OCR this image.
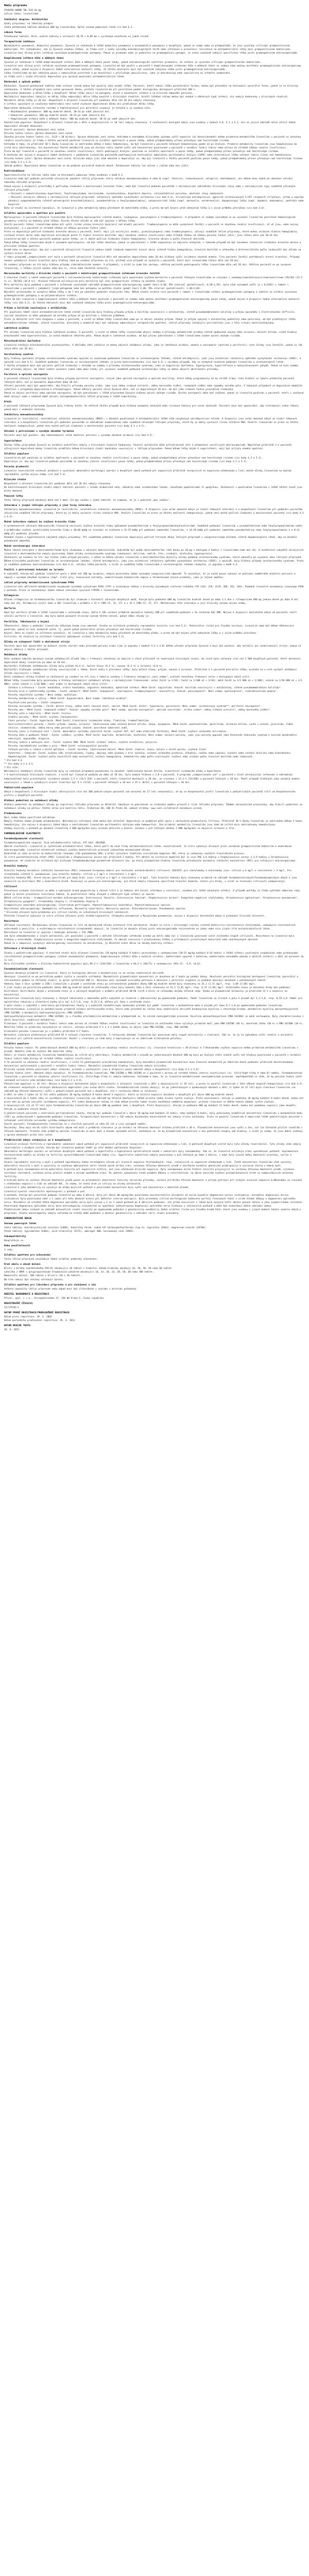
Medis přípravku

ZYVOXID 600MG TBL FLM 10 mg

Léčivá látka: linezolidum

Indikační skupina: Antibiotika

Výdej přípravku: na lékařský předpis

Jedna potahovaná tableta obsahuje 600 mg linezolidum. Úplný seznam pomocných látek viz bod 6.1.

Léková forma

Potahovaná tableta. Bílé, oválné tablety o velikosti 18,78 x 8,89 mm s vyraženým označením na jedné straně.

Terapeutické indikace

Nozokomiální pneumonie. Komunitní pneumonie. Zyvoxid je indikován k léčbě komunitní pneumonie a nozokomiální pneumonie u dospělých, pokud je známo nebo se předpokládá, že jsou vyvolány citlivými grampozitivními bakteriemi. Při rozhodování, zda je Zyvoxid vhodnou léčbou, je třeba vzít v úvahu výsledky mikrobiologických testů nebo informace o prevalenci rezistence na antibakteriální látky mezi grampozitivními bakteriemi.

Linezolid není účinný proti infekcím vyvolaným gramnegativními patogeny. Pokud je prokázán nebo je podezření na gramnegativní patogen, je nutno současně zahájit specifickou léčbu proti gramnegativním mikroorganismům.

Komplikované infekce kůže a měkkých tkání

Zyvoxid je indikován k léčbě komplikovaných infekcí kůže a měkkých tkání pouze tehdy, pokud mikrobiologické vyšetření prokázalo, že infekce je vyvolána citlivými grampozitivními bakteriemi.

Linezolid není účinný proti infekcím vyvolaným gramnegativními patogeny. Linezolid má být použit u pacientů s komplikovanými infekcemi kůže a měkkých tkání se známou nebo možnou koinfekcí gramnegativními mikroorganismy pouze tehdy, pokud nejsou k dispozici žádné alternativní možnosti léčby. Za těchto okolností musí být současně zahájena léčba proti gramnegativním mikroorganismům.

Léčba linezolidem má být zahájena pouze v nemocničním prostředí a po konzultaci s příslušným specialistou, jako je mikrobiolog nebo specialista na infekční onemocnění.

Je třeba vzít v úvahu oficiální doporučení pro správné používání antibakteriálních látek.

Dávkování a způsob podání

Dávkování. Zyvoxid potahované tablety nebo infuzní roztok mohou být použity jako úvodní léčba. Pacienti, kteří zahájí léčbu parenterální formou, mohou být převedeni na kteroukoli perorální formu, pokud je to klinicky indikováno. V těchto případech není nutné upravovat dávku, protože linezolid má při perorálním podání biologickou dostupnost přibližně 100 %.

Doporučené dávkování a délka léčby u dospělých: Délka léčby závisí na patogenu, místě a závažnosti infekce a na klinické odpovědi pacienta.

Následující doporučení týkající se délky léčby odpovídají délce léčby použité v klinických studiích. Kratší léčebné režimy mohou být vhodné u některých typů infekcí, ale nebyly hodnoceny v klinických studiích.

Maximální délka léčby je 28 dní. Bezpečnost a účinnost linezolidu při podávání déle než 28 dní nebyly stanoveny.

U infekcí spojených se současnou bakteriemií není nutné zvyšovat doporučenou dávku ani prodlužovat délku léčby.

Doporučené dávkování infuzního roztoku a tablet/granulí pro perorální suspenzi je totožné a je uvedeno níže:

• Nozokomiální pneumonie: 600 mg dvakrát denně, 10–14 po sobě jdoucích dní.

• Komunitní pneumonie: 600 mg dvakrát denně, 10–14 po sobě jdoucích dní.

• Komplikované infekce kůže a měkkých tkání: 600 mg dvakrát denně, 10–14 po sobě jdoucích dní.

Pediatrická populace: Bezpečnost a účinnost linezolidu u dětí a dospívajících (< 18 let) nebyly stanoveny. V současnosti dostupné údaje jsou uvedeny v bodech 4.8, 5.1 a 5.2, ale na jejich základě nelze učinit žádná doporučení ohledně dávkování.

Starší pacienti: Úprava dávkování není nutná.

Porucha funkce ledvin: Úprava dávkování není nutná.

Závažná porucha funkce ledvin (tj. CLCR < 30 ml/min): Úprava dávkování není nutná. Vzhledem k neznámému klinickému významu vyšší expozice (až desetinásobné) dvěma primárním metabolitům linezolidu u pacientů se závažnou renální insuficiencí je třeba u těchto pacientů používat linezolid se zvláštní opatrností a pouze tehdy, pokud předpokládaný přínos převažuje nad teoretickým rizikem.

Vzhledem k tomu, že přibližně 30 % dávky linezolidu je odstraněno během 3 hodin hemodialýzy, má být linezolid u pacientů léčených hemodialýzou podán až po dialýze. Primární metabolity linezolidu jsou hemodialýzou do jisté míry odstraňovány, ale koncentrace těchto metabolitů jsou po dialýze stále značně vyšší než koncentrace pozorované u pacientů s normální funkcí ledvin nebo mírnou až středně těžkou renální insuficiencí.

Proto má být linezolid u pacientů se závažnou renální insuficiencí, kteří podstupují dialýzu, používán se zvláštní opatrností a pouze tehdy, pokud předpokládaný přínos převažuje nad teoretickým rizikem.

K dnešnímu dni nejsou k dispozici žádné zkušenosti s podáváním linezolidu pacientům podstupujícím kontinuální ambulantní peritoneální dialýzu (CAPD) nebo alternativní léčbu selhání ledvin (jinou než hemodialýzu).

Porucha funkce jater: Úprava dávkování není nutná. Klinické údaje jsou však omezené a doporučuje se, aby byl linezolid u těchto pacientů používán pouze tehdy, pokud předpokládaný přínos převažuje nad teoretickým rizikem (viz body 4.4 a 5.2).

Způsob podání: Doporučená dávka linezolidu se má podávat perorálně dvakrát denně. Potahované tablety lze užívat s jídlem nebo bez jídla.

Kontraindikace

Hypersenzitivita na léčivou látku nebo na kteroukoli pomocnou látku uvedenou v bodě 6.1.

Linezolid nemá být podáván pacientům užívajícím jakýkoli léčivý přípravek, který inhibuje monoaminooxidázu A nebo B (např. fenelzin, isokarboxazid, selegilin, moklobemid), ani během dvou týdnů po ukončení užívání takového léčivého přípravku.

Pokud nejsou k dispozici prostředky k pečlivému sledování a monitorování krevního tlaku, nemá být linezolid podáván pacientům s následujícími základními klinickými stavy nebo s následujícími typy souběžně užívaných léčivých přípravků:

• Pacienti s nekontrolovanou hypertenzí, feochromocytomem, karcinoidem, tyreotoxikózou, bipolární depresí, schizoafektivní poruchou, akutními stavy zmatenosti.

• Pacienti užívající některý z následujících léčivých přípravků: inhibitory zpětného vychytávání serotoninu (viz bod 4.4), tricyklická antidepresiva, agonisté serotoninových 5-HT1 receptorů (triptany), přímo a nepřímo působící sympatomimetika (včetně adrenergních bronchodilatancií, pseudoefedrinu a fenylpropanolaminu), vazopresorické látky (např. adrenalin, noradrenalin), dopaminergní látky (např. dopamin, dobutamin), pethidin nebo buspiron.

Data ze studií na zvířatech naznačují, že linezolid a jeho metabolity mohou přecházet do mateřského mléka, a proto má být kojení před zahájením léčby a v jejím průběhu přerušeno (viz bod 4.6).

Zvláštní upozornění a opatření pro použití

Myelosuprese: U pacientů léčených linezolidem byla hlášena myelosuprese (včetně anemie, leukopenie, pancytopenie a trombocytopenie). V případech se známým výsledkem se po vysazení linezolidu postižené hematologické parametry vrátily na hodnoty před léčbou. Riziko těchto účinků se zdá být spojeno s délkou léčby.

Starší pacienti léčení linezolidem mohou mít vyšší riziko vzniku krevních dyskrazií než mladší pacienti. Trombocytopenie se může vyskytovat častěji u pacientů se závažnou renální insuficiencí, ať už jsou, nebo nejsou dialyzováni, a u pacientů se středně těžkou až těžkou poruchou funkce jater.

Proto se doporučuje pečlivé sledování krevního obrazu u pacientů, kteří: mají již existující anemii, granulocytopenii nebo trombocytopenii; užívají souběžně léčivé přípravky, které mohou snižovat hladinu hemoglobinu, snižovat krevní obraz nebo nepříznivě ovlivňovat počet či funkci krevních destiček; mají závažnou renální insuficienci nebo středně těžkou až těžkou poruchu funkce jater; jsou léčeni déle než 10–14 dní.

Linezolid má být u těchto pacientů podáván pouze tehdy, je-li možné pečlivé sledování hladin hemoglobinu, krevního obrazu a počtu krevních destiček.

Pokud během léčby linezolidem dojde k významné myelosupresi, má být léčba ukončena, pokud se pokračování v léčbě nepovažuje za naprosto nezbytné; v takovém případě má být zavedeno intenzivní sledování krevního obrazu a příslušná léčebná opatření.

Kromě toho se doporučuje, aby byl u pacientů užívajících linezolid jednou týdně sledován kompletní krevní obraz (včetně hladin hemoglobinu, krevních destiček a celkového a diferenciálního počtu leukocytů) bez ohledu na výchozí krevní obraz.

V rámci programů „compassionate use“ byla u pacientů užívajících linezolid déle než maximální doporučenou dobu 28 dní hlášena vyšší incidence závažné anemie. Tito pacienti častěji potřebovali krevní transfuzi. Případy anemie vyžadující krevní transfuzi byly hlášeny také po uvedení přípravku na trh, přičemž více případů se vyskytlo u pacientů, kteří byli linezolidem léčeni déle než 28 dní.

Po uvedení přípravku na trh byly hlášeny případy sideroblastické anemie. V případech, u nichž je znám čas nástupu, většina pacientů podstupovala léčbu linezolidem déle než 28 dní. Většina pacientů se po vysazení linezolidu, s léčbou jejich anemie nebo bez ní, zcela nebo částečně zotavila.

Nerovnováha mortality v klinické studii u pacientů s katetrovými grampozitivními infekcemi krevního řečiště

V otevřené studii u vážně nemocných pacientů s intravaskulárními katetrovými infekcemi byla pozorována zvýšená mortalita u pacientů léčených linezolidem ve srovnání s vankomycinem/dikloxacilinem/oxacilinem [78/363 (21,5 %) vs. 58/363 (16,0 %)]. Hlavním faktorem ovlivňujícím míru mortality byl stav grampozitivní infekce na počátku studie.

Míra mortality byla podobná u pacientů s infekcemi vyvolanými výhradně grampozitivními mikroorganismy (poměr šancí 0,96; 95% interval spolehlivosti: 0,58–1,59), byla však významně vyšší (p = 0,0162) v rameni s linezolidem u pacientů s jakýmkoli jiným patogenem nebo bez patogenu na počátku studie (poměr šancí 2,48; 95% interval spolehlivosti: 1,38–4,46).

Největší nerovnováha se vyskytla během léčby a do 7 dní po ukončení podávání studijního léku. Během studie získalo více pacientů v rameni s linezolidem infekci gramnegativními patogeny a zemřelo na infekci vyvolanou gramnegativními patogeny a na polymikrobiální infekce.

Proto má být linezolid u komplikovaných infekcí kůže a měkkých tkání používán u pacientů se známou nebo možnou koinfekcí gramnegativními mikroorganismy pouze tehdy, pokud nejsou k dispozici žádné alternativní možnosti léčby (viz bod 4.1). Za těchto okolností musí být současně zahájena léčba proti gramnegativním mikroorganismům.

Průjem a kolitida související s antibiotiky

Při používání téměř všech antibakteriálních látek včetně linezolidu byly hlášeny případy průjmu a kolitidy související s antibiotiky, včetně pseudomembranózní kolitidy a průjmu spojeného s Clostridioides difficile, jejichž závažnost se může pohybovat od mírného průjmu až po kolitidu s fatálním průběhem.

Proto je důležité vzít tuto diagnózu v úvahu u pacientů, u nichž se během léčby linezolidem nebo po ní objeví závažný průjem. Pokud je průjem spojený s antibiotiky podezřelý nebo potvrzený, má být probíhající léčba antibakteriálními látkami, včetně linezolidu, přerušena a okamžitě mají být zahájena odpovídající terapeutická opatření. Léčivé přípravky inhibující peristaltiku jsou v této situaci kontraindikovány.

Laktátová acidóza

Při užívání linezolidu byla hlášena laktátová acidóza. U pacientů, u nichž se během léčby linezolidem objeví známky a příznaky metabolické acidózy včetně opakované nauzey nebo zvracení, bolesti břicha, nízké hladiny bikarbonátů nebo hyperventilace, je nutná okamžitá lékařská péče. Pokud dojde k laktátové acidóze, má být přínos pokračování v léčbě linezolidem zvážen oproti možným rizikům.

Mitochondriální dysfunkce

Linezolid inhibuje mitochondriální proteosyntézu. V důsledku této inhibice se mohou objevit nežádoucí účinky, jako je laktátová acidóza, anemie a neuropatie (optická a periferní); tyto účinky jsou častější, pokud se lék užívá déle než 28 dní.

Serotoninový syndrom

Byly hlášeny spontánní případy serotoninového syndromu spojené se současným podáváním linezolidu se serotonergními látkami, včetně antidepresiv, jako jsou selektivní inhibitory zpětného vychytávání serotoninu (SSRI), a opioidů (viz bod 4.5). Souběžné podávání linezolidu se serotonergními látkami je proto kontraindikováno (viz bod 4.3) s výjimkou případů, kdy je nezbytné současné podávání linezolidu a serotonergních látek.

V těchto případech mají být pacienti pečlivě sledováni s ohledem na známky a příznaky serotoninového syndromu, jako je kognitivní dysfunkce, hyperpyrexie, hyperreflexie a nekoordinovanost pohybů. Pokud se tyto známky nebo příznaky objeví, má lékař zvážit vysazení jedné nebo obou látek; při vysazení souběžně podávané serotonergní látky se mohou objevit abstinenční příznaky.

Periferní a optická neuropatie

U pacientů léčených linezolidem byly hlášeny případy periferní neuropatie, stejně jako optické neuropatie a optické neuritidy, které někdy progredovaly až ke ztrátě zraku; tato hlášení se týkala především pacientů léčených déle, než je maximální doporučená doba 28 dní.

Všichni pacienti mají být upozorněni, aby hlásili příznaky poruchy zraku, jako jsou změny zrakové ostrosti, změny barevného vidění, rozmazané vidění nebo výpadky zorného pole. V takových případech se doporučuje okamžité vyšetření s případným doporučením k oftalmologovi. Pokud některý pacient užívá Zyvoxid déle, než je doporučených 28 dní, má být jeho zraková funkce pravidelně sledována.

Pokud se objeví periferní nebo optická neuropatie, má být pokračování v léčbě přípravkem Zyvoxid zváženo oproti možným rizikům. Riziko neuropatií může být zvýšené, pokud je linezolid používán u pacientů, kteří v současné době užívají nebo v nedávné době užívali antimykobakteriální léčivé přípravky k léčbě tuberkulózy.

Křeče

U pacientů léčených přípravkem Zyvoxid byly hlášeny křeče. Ve většině těchto případů byla hlášena anamnéza záchvatů nebo rizikové faktory pro vznik záchvatů. Pacienti mají být upozorněni, aby informovali svého lékaře, pokud mají v anamnéze záchvaty.

Inhibitory monoaminooxidázy

Linezolid je reverzibilní, neselektivní inhibitor monoaminooxidázy (MAOI); v dávkách používaných k antibakteriální léčbě však nevykazuje antidepresivní účinek. K dispozici jsou velmi omezené údaje ze studií lékových interakcí a o bezpečnosti linezolidu při podávání pacientům se základními onemocněními nebo souběžně užívanými léčivými přípravky, které by je mohly vystavit riziku inhibice MAO. Použití linezolidu se proto za těchto okolností nedoporučuje, pokud není možné pečlivé sledování a monitorování pacienta (viz body 4.3 a 4.5).

Užívání s potravinami s vysokým obsahem tyraminu

Pacienti mají být poučeni, aby nekonzumovali velké množství potravin s vysokým obsahem tyraminu (viz bod 4.5).

Superinfekce

Účinky léčby přípravkem Zyvoxid na normální mikroflóru nebyly v klinických studiích hodnoceny. Použití antibiotik může příležitostně vést k přemnožení necitlivých mikroorganismů. Například přibližně 3 % pacientů užívajících doporučené dávky linezolidu prodělalo během klinických studií kandidózu související s léčivým přípravkem. Pokud během léčby dojde k superinfekci, mají být přijata vhodná opatření.

Zvláštní populace

Linezolid má být používán se zvláštní opatrností u pacientů se závažnou renální insuficiencí a pouze tehdy, pokud předpokládaný přínos převažuje nad teoretickým rizikem (viz body 4.2 a 5.2).

Doporučuje se, aby byl linezolid podáván pacientům se závažnou jaterní insuficiencí pouze tehdy, pokud předpokládaný přínos převažuje nad teoretickým rizikem (viz body 4.2 a 5.2).

Porucha plodnosti

Linezolid reverzibilně snižoval plodnost a vyvolával abnormální morfologii spermií u dospělých samců potkanů při expozicích přibližně rovnajících se expozicím očekávaným u lidí; možné účinky linezolidu na mužský reprodukční systém nejsou známy (viz bod 5.3).

Klinické studie

Bezpečnost a účinnost linezolidu při podávání déle než 28 dní nebyly stanoveny.

Do kontrolovaných klinických studií nebyli zahrnuti pacienti s lézemi diabetické nohy, dekubity nebo ischemickými lézemi, závažnými popáleninami či gangrénou. Zkušenosti s používáním linezolidu v léčbě těchto stavů jsou proto omezené.

Pomocné látky

Tento léčivý přípravek obsahuje méně než 1 mmol (23 mg) sodíku v jedné tabletě, to znamená, že je v podstatě „bez sodíku“.

Interakce s jinými léčivými přípravky a jiné formy interakce

Inhibitory monoaminooxidázy: Linezolid je reverzibilní, neselektivní inhibitor monoaminooxidázy (MAOI). K dispozici jsou velmi omezené údaje ze studií lékových interakcí a o bezpečnosti linezolidu při podávání pacientům užívajícím souběžně léčivé přípravky, které by je mohly vystavit riziku inhibice MAO. Použití linezolidu se proto za těchto okolností nedoporučuje, pokud není možné pečlivé sledování a monitorování pacienta (viz body 4.3 a 4.4).

Možné interakce vedoucí ke zvýšení krevního tlaku

U normotenzních zdravých dobrovolníků linezolid zesiloval zvýšení krevního tlaku způsobené pseudoefedrinem a fenylpropanolaminhydrochloridem. Souběžné podávání linezolidu s pseudoefedrinem nebo fenylpropanolaminem vedlo k průměrnému zvýšení systolického krevního tlaku o 30–40 mmHg ve srovnání se zvýšením o 11–15 mmHg při podávání samotného linezolidu, o 14–18 mmHg při podávání samotného pseudoefedrinu nebo fenylpropanolaminu a o 8–11 mmHg při podávání placeba.

Podobné studie u hypertenzních subjektů nebyly provedeny. Při souběžném podávání linezolidu doporučuje pečlivě titrovat dávky léčivých přípravků s vazopresorickým účinkem, včetně dopaminergních látek, aby se dosáhlo požadované odpovědi.

Možné serotonergní interakce

Možná léková interakce s dextromethorfanem byla studována u zdravých dobrovolníků. Subjektům byl podán dextromethorfan (dvě dávky po 20 mg s odstupem 4 hodin) s linezolidem nebo bez něj. U normálních subjektů užívajících linezolid a dextromethorfan nebyly pozorovány žádné účinky serotoninového syndromu (zmatenost, delirium, neklid, třes, zrudnutí, diaforéza, hyperpyrexie).

Zkušenosti po uvedení na trh: byl hlášen jeden případ pacienta, u něhož se během užívání linezolidu a dextromethorfanu objevily účinky podobné serotoninovému syndromu, které odezněly po vysazení obou léčivých přípravků.

Během klinického používání linezolidu se serotonergními látkami, včetně antidepresiv, jako jsou selektivní inhibitory zpětného vychytávání serotoninu (SSRI), a opioidů, byly hlášeny případy serotoninového syndromu. Proto je souběžné podávání kontraindikováno (viz bod 4.3), zatímco léčba pacientů, u nichž je souběžná léčba linezolidem a serotonergními látkami nezbytná, je popsána v bodě 4.4.

Použití s potravinami bohatými na tyramin

U subjektů, kterým byl podáván linezolid spolu s méně než 100 mg tyraminu, nebyla pozorována žádná významná vazopresorická odpověď. To naznačuje, že je nutné pouze vyhnout se požívání nadměrného množství potravin a nápojů s vysokým obsahem tyraminu (např. zralé sýry, kvasnicové extrakty, nedestilované alkoholické nápoje a fermentované sójové produkty, jako je sójová omáčka).

Léčivé přípravky metabolizované cytochromem P450

Linezolid není měřitelně metabolizován enzymovým systémem cytochromu P450 (CYP) a neinhibuje žádnou z klinicky významných izoforem lidského CYP (1A2, 2C9, 2C19, 2D6, 2E1, 3A4). Podobně linezolid neindukuje izoenzymy P450 u potkanů. Proto se neočekávají žádné lékové interakce vyvolané CYP450 s linezolidem.

Rifampicin

Účinek rifampicinu na farmakokinetiku linezolidu byl studován u šestnácti zdravých dospělých mužů, kterým bylo podáváno 600 mg linezolidu dvakrát denně po dobu 2,5 dne s rifampicinem 600 mg jednou denně po dobu 8 dní nebo bez něj. Rifampicin snížil Cmax a AUC linezolidu v průměru o 21 % [90% CI, 15, 27] a o 32 % [90% CI, 27, 37]. Mechanismus této interakce a její klinický význam nejsou známy.

Warfarin

Když byl warfarin přidán k léčbě linezolidem v ustáleném stavu, došlo k 10% snížení průměrné maximální hodnoty INR při souběžném podávání s 5% snížením AUC INR. Nejsou k dispozici dostatečné údaje od pacientů, kteří užívali warfarin a linezolid, aby bylo možné posoudit klinický význam těchto nálezů, pokud vůbec nějaký je.

Fertilita, těhotenství a kojení

Těhotenství: Údaje o podávání linezolidu těhotným ženám jsou omezené. Studie na zvířatech prokázaly reprodukční toxicitu (viz bod 5.3). Potenciální riziko pro člověka existuje. Linezolid nemá být během těhotenství používán, pokud to není nezbytně nutné, tj. pouze pokud potenciální přínos převažuje nad teoretickým rizikem.

Kojení: Data ze studií na zvířatech naznačují, že linezolid a jeho metabolity mohou přecházet do mateřského mléka, a proto má být kojení před zahájením léčby a v jejím průběhu přerušeno.

Fertilita: Ve studiích na zvířatech linezolid způsoboval snížení fertility (viz bod 5.3).

Účinky na schopnost řídit a obsluhovat stroje

Pacienti mají být upozorněni na možnost vzniku závratí nebo příznaků poruchy zraku (jak je popsáno v bodech 4.4 a 4.8) během užívání přípravku Zyvoxid a mají být poučeni, aby neřídili ani neobsluhovali stroje, pokud se objeví některý z těchto příznaků.

Nežádoucí účinky

Níže uvedená tabulka obsahuje seznam nežádoucích účinků léku s frekvencí založenou na údajích o všech příčinách ze souhrnných klinických studií, do nichž bylo zařazeno více než 2 000 dospělých pacientů, kteří dostávali doporučené dávky linezolidu po dobu až 28 dní.

Nejčastěji hlášenými nežádoucími účinky byly průjem (8,4 %), bolest hlavy (6,5 %), nauzea (6,3 %) a zvracení (4,0 %).

Nejčastěji hlášenými nežádoucími účinky souvisejícími s lékem, které vedly k přerušení léčby, byly bolest hlavy, průjem, nauzea a zvracení. Přibližně 3 % pacientů přerušila léčbu, protože se u nich vyskytl nežádoucí účinek související s lékem.

Další nežádoucí účinky hlášené ze zkušeností po uvedení na trh jsou v tabulce uvedeny s frekvencí kategorie „není známo“, protože skutečnou frekvenci nelze z dostupných údajů určit.

Během léčby linezolidem byly pozorovány a hlášeny následující nežádoucí účinky s následujícími frekvencemi: velmi časté (≥ 1/10); časté (≥ 1/100 až < 1/10); méně časté (≥ 1/1 000 až < 1/100); vzácné (≥ 1/10 000 až < 1/1 000); velmi vzácné (< 1/10 000); není známo (z dostupných údajů nelze určit).

Infekce a infestace — Časté: kandidóza, orální kandidóza, vaginální kandidóza, mykotické infekce. Méně časté: vaginitida. Vzácné: kolitida související s antibiotiky, včetně pseudomembranózní kolitidy*.

Poruchy krve a lymfatického systému — Časté: anemie*†. Méně časté: leukopenie*, neutropenie, trombocytopenie*, eozinofilie. Vzácné: pancytopenie*. Není známo: myelosuprese*, sideroblastická anemie*.

Poruchy imunitního systému — Není známo: anafylaxe.

Poruchy metabolismu a výživy — Méně časté: hyponatremie. Není známo: laktátová acidóza*.

Psychiatrické poruchy — Časté: nespavost.

Poruchy nervového systému — Časté: bolest hlavy, změna chuti (kovová chuť), závrať. Méně časté: křeče*, hypestezie, parestezie. Není známo: serotoninový syndrom**, periferní neuropatie*.

Poruchy oka — Méně časté: rozmazané vidění*. Vzácné: výpadky zorného pole*. Není známo: optická neuropatie*, optická neuritida*, ztráta zraku*, změny zrakové ostrosti*, změny barevného vidění*.

Poruchy ucha a labyrintu — Méně časté: tinitus.

Srdeční poruchy — Méně časté: arytmie (tachykardie).

Cévní poruchy — Časté: hypertenze. Méně časté: tranzitorní ischemické ataky, flebitida, tromboflebitida.

Gastrointestinální poruchy — Časté: průjem, nauzea, zvracení, lokalizovaná nebo celková bolest břicha, zácpa, dyspepsie. Méně časté: pankreatitida, gastritida, distenze břicha, sucho v ústech, glositida, řídká stolice, stomatitida, změna barvy nebo porucha jazyka. Vzácné: povrchové zabarvení zubů.

Poruchy jater a žlučových cest — Časté: abnormální výsledky jaterních testů; zvýšení AST, ALT nebo alkalické fosfatázy. Méně časté: zvýšení celkového bilirubinu.

Poruchy kůže a podkožní tkáně — Časté: svědění, vyrážka. Méně časté: kopřivka, dermatitida, diaforéza. Není známo: bulózní poruchy, jako jsou poruchy popsané jako Stevensův-Johnsonův syndrom a toxická epidermální nekrolýza, angioedém, alopecie.

Poruchy ledvin a močových cest — Časté: zvýšení BUN. Méně časté: selhání ledvin, zvýšení kreatininu, polyurie.

Poruchy reprodukčního systému a prsu — Méně časté: vulvovaginální porucha.

Celkové poruchy a reakce v místě aplikace — Časté: horečka, lokalizovaná bolest. Méně časté: zimnice, únava, bolest v místě vpichu, zvýšená žízeň.

Vyšetření — Chemické: Časté: zvýšení LDH, kreatinkinázy, lipázy, amylázy nebo glukózy v krvi nalačno; snížení celkového proteinu, albuminu, sodíku nebo vápníku; zvýšení nebo snížení draslíku nebo bikarbonátu. Hematologické: Časté: zvýšení počtu neutrofilů nebo eozinofilů; snížení hemoglobinu, hematokritu nebo počtu erytrocytů; zvýšení nebo snížení počtu krevních destiček nebo leukocytů.

* Viz bod 4.4.

** Viz body 4.3 a 4.5.

† Viz níže.

Následující nežádoucí účinky linezolidu byly ve vzácných případech považovány za závažné: lokalizovaná bolest břicha, tranzitorní ischemické ataky a hypertenze.

† V kontrolovaných klinických studiích, v nichž byl linezolid podáván po dobu až 28 dní, byla anemie hlášena u 2,0 % pacientů. V programu „compassionate use“ u pacientů s život ohrožujícími infekcemi a základními komorbiditami byla procentuální incidence anemie 2,5 % (33/1 326) u pacientů, kteří linezolid dostávali ≤ 28 dní, ve srovnání s 12,3 % (53/430) u pacientů léčených > 28 dní. Podíl případů hlášených jako závažná anemie související s lékem a vyžadující krevní transfuzi byl 9 % (3/33) u pacientů léčených ≤ 28 dní a 15 % (8/53) u pacientů léčených > 28 dní.

Pediatrická populace

Údaje o bezpečnosti z klinických studií zahrnujících více než 500 pediatrických pacientů (od narození do 17 let) nenaznačují, že by se bezpečnostní profil linezolidu u pediatrických pacientů lišil od bezpečnostního profilu u dospělých pacientů.

Hlášení podezření na nežádoucí účinky

Hlášení podezření na nežádoucí účinky po registraci léčivého přípravku je důležité. Umožňuje to pokračovat ve sledování poměru přínosů a rizik léčivého přípravku. Žádáme zdravotnické pracovníky, aby hlásili podezření na nežádoucí účinky na adresu: Státní ústav pro kontrolu léčiv, Šrobárova 48, 100 41 Praha 10, webové stránky: www.sukl.cz/nahlasit-nezadouci-ucinek.

Předávkování

Není známo žádné specifické antidotum.

Nebyly hlášeny žádné případy předávkování. Následující informace však mohou být užitečné: Doporučuje se podpůrná péče spolu s udržováním glomerulární filtrace. Přibližně 30 % dávky linezolidu je odstraněno během 3 hodin hemodialýzy, ale nejsou k dispozici žádné údaje o odstraňování linezolidu peritoneální dialýzou nebo hemoperfuzí. Dva primární metabolity linezolidu jsou také do určité míry odstraňovány hemodialýzou.

Známky toxicity u potkanů po dávkách linezolidu 3 000 mg/kg/den byly snížená aktivita a ataxie, zatímco u psů léčených dávkou 2 000 mg/kg/den se objevilo zvracení a třes.

FARMAKOLOGICKÉ VLASTNOSTI
Farmakodynamické vlastnosti

Farmakoterapeutická skupina: Jiná antibakteriální léčiva, ATC kód: J01XX08.

Obecné vlastnosti: Linezolid je syntetická antibakteriální látka, která patří do nové třídy antimikrobiálních látek, oxazolidinonů. In vitro vykazuje účinnost proti aerobním grampozitivním bakteriím a anaerobním mikroorganismům. Linezolid selektivně inhibuje syntézu bakteriálních proteinů jedinečným mechanismem účinku.

Konkrétně se váže na místo na bakteriálním ribozomu (23S podjednotky 50S) a brání vytvoření funkčního iniciačního komplexu 70S, který je nezbytnou součástí translačního procesu.

In vitro postantibiotický efekt (PAE) linezolidu u Staphylococcus aureus byl přibližně 2 hodiny. Při měření na zvířecích modelech byl in vivo PAE 3,6 hodiny u Staphylococcus aureus a 3,9 hodiny u Streptococcus pneumoniae. Ve studiích na zvířatech byl klíčovým farmakodynamickým parametrem účinnosti čas, po který plazmatická hladina linezolidu přesahovala minimální inhibiční koncentraci (MIC) pro infikující mikroorganismus.

Hraniční hodnoty

Hraniční hodnoty minimální inhibiční koncentrace (MIC) stanovené Evropskou komisí pro testování antimikrobiální citlivosti (EUCAST) pro stafylokoky a enterokoky jsou: citlivé ≤ 4 mg/l a rezistentní > 4 mg/l. Pro streptokoky (včetně S. pneumoniae) jsou hraniční hodnoty: citlivé ≤ 2 mg/l a rezistentní > 4 mg/l.

Hraniční hodnoty MIC, které nejsou specifické pro daný druh, jsou: citlivé ≤ 2 mg/l a rezistentní > 8 mg/l. Tyto hraniční hodnoty byly stanoveny primárně na základě farmakokinetických/farmakodynamických údajů a jsou nezávislé na distribuci MIC u konkrétních druhů. Používají se pouze pro mikroorganismy, pro které nebyla stanovena specifická hraniční hodnota, nikoli pro druhy, u nichž se testování citlivosti nedoporučuje.

Citlivost

Prevalence získané rezistence se může u vybraných druhů geograficky a časově lišit a je žádoucí mít místní informace o rezistenci, zejména při léčbě závažných infekcí. V případě potřeby je třeba vyhledat odbornou radu, pokud je místní prevalence rezistence taková, že použitelnost látky alespoň u některých typů infekcí je sporná.

Běžně citlivé druhy — Grampozitivní aerobní mikroorganismy: Enterococcus faecalis, Enterococcus faecium*, Staphylococcus aureus*, koaguláza-negativní stafylokoky, Streptococcus agalactiae*, Streptococcus pneumoniae*, Streptococcus pyogenes*, streptokoky skupiny C, streptokoky skupiny G.

Grampozitivní anaerobní mikroorganismy: Clostridium perfringens, Peptostreptococcus anaerobius, Peptostreptococcus species.

Rezistentní mikroorganismy: Haemophilus influenzae, Moraxella catarrhalis, Neisseria species, Enterobacteriaceae, Pseudomonas species.

* Klinická účinnost byla prokázána pro citlivé izoláty ve schválených klinických indikacích.

Přestože linezolid vykazuje in vitro určitou účinnost proti druhům Legionella, Chlamydia pneumoniae a Mycoplasma pneumoniae, nejsou k dispozici dostatečné údaje k prokázání klinické účinnosti.

Rezistence

Zkřížená rezistence: Mechanismus účinku linezolidu se liší od mechanismů účinku ostatních tříd antibiotik. Studie in vitro s klinickými izoláty (včetně methicilin-rezistentních stafylokoků, vankomycin-rezistentních enterokoků a penicilin- a erythromycin-rezistentních streptokoků) ukazují, že linezolid je obvykle účinný proti mikroorganismům rezistentním na jednu nebo více jiných tříd antimikrobiálních látek.

Rezistence na linezolid je spojena s bodovými mutacemi v 23S rRNA.

Jak bylo zdokumentováno u jiných antibiotik, při používání u pacientů s obtížně léčitelnými infekcemi a/nebo po delší dobu byl u linezolidu pozorován vznik sníženého stupně citlivosti. Rezistence na linezolid byla hlášena u enterokoků, Staphylococcus aureus a koaguláza-negativních stafylokoků. To obecně souviselo s prodlouženou léčbou a přítomností protetických materiálů nebo nedrénovaných abscesů.

Pokud se v nemocnici vyskytují mikroorganismy rezistentní na antibiotika, je důležité klást důraz na zásady kontroly infekcí.

Informace z klinických studií

Studie u pediatrické populace: V otevřené studii byla účinnost linezolidu (10 mg/kg každých 8 hodin) porovnávána s vankomycinem (10–15 mg/kg každých 6–24 hodin) v léčbě infekcí vyvolaných suspektními nebo prokázanými rezistentními grampozitivními patogeny (včetně nozokomiální pneumonie, komplikovaných infekcí kůže a kožních struktur, bakteriemie spojené s katetrem, bakteriemie neznámého původu a dalších infekcí) u dětí od narození do 11 let.

Míra klinického vyléčení v klinicky hodnotitelné populaci byla 89,3 % (134/150) u linezolidu a 84,5 % (60/71) u vankomycinu (95% CI: -4,9, 14,6).

Farmakokinetické vlastnosti

Zyvoxid obsahuje primárně (s)-linezolid, který je biologicky aktivní a metabolizuje se za vzniku neaktivních derivátů.

Absorpce: Linezolid se po perorálním podání rychle a rozsáhle vstřebává. Maximálních plazmatických koncentrací je dosaženo do 2 hodin po podání dávky. Absolutní perorální biologická dostupnost linezolidu (perorální a intravenózní podání ve zkřížené studii) je úplná (přibližně 100 %). Absorpce není významně ovlivněna potravou a absorpce z perorální suspenze je podobná absorpci dosažené u potahovaných tablet.

Hodnoty Cmax a Cmin (průměr a [SD]) linezolidu v plazmě v ustáleném stavu po intravenózním podávání dávky 600 mg dvakrát denně byly stanoveny na 15,1 [2,5] mg/l, resp. 3,68 [2,68] mg/l.

V jiné studii po perorálním podávání dávky 600 mg dvakrát denně do ustáleného stavu byly hodnoty Cmax a Cmin stanoveny na 21,2 [5,8] mg/l, resp. 6,15 [2,94] mg/l. Ustáleného stavu je dosaženo druhý den podávání.

Distribuce: Distribuční objem v ustáleném stavu je u zdravých dospělých v průměru přibližně 40–50 litrů a blíží se celkovému objemu tělesné vody. Vazba na plazmatické bílkoviny je přibližně 31 % a nezávisí na koncentraci.

Koncentrace linezolidu byly stanoveny v různých tekutinách u omezeného počtu subjektů ve studiích s dobrovolníky po opakovaném podávání. Poměr linezolidu ve slinách a potu k plazmě byl 1,2:1,0, resp. 0,55:1,0. Poměr pro epiteliální tekutinu a alveolární buňky plic byl 4,5:1,0, resp. 0,15:1,0, měřeno při Cmax v ustáleném stavu.

V malé studii u subjektů s ventrikulo-peritoneálními shunty a v podstatě nezánětlivými mozkovými plenami byl poměr linezolidu v mozkomíšním moku k plazmě při Cmax 0,7:1,0 po opakovaném podávání linezolidu.

Biotransformace: Linezolid je metabolizován primárně oxidací morfolinového kruhu, která vede převážně ke vzniku dvou neaktivních derivátů karboxylové kyseliny s otevřeným kruhem: metabolitu kyseliny aminoethoxyoctové (PNU-142300) a metabolitu hydroxyethylglycinu (PNU-142586).

Hydroxyethylglycinový metabolit (PNU-142586) je u člověka převládajícím metabolitem a předpokládá se, že vzniká neenzymatickým procesem. Kyselina aminoethoxyoctová (PNU-142300) je méně zastoupena. Byly charakterizovány i další minoritní, neaktivní metabolity.

Eliminace: U pacientů s normální funkcí ledvin nebo mírnou až středně těžkou renální insuficiencí se linezolid za ustáleného stavu vylučuje primárně močí jako PNU-142586 (40 %), mateřská látka (30 %) a PNU-142300 (10 %). Mateřská látka se prakticky nevyskytuje ve stolici, zatímco přibližně 6 % a 3 % každé dávky se objeví jako PNU-142586, resp. PNU-142300.

Eliminační poločas linezolidu je v průměru přibližně 5–7 hodin.

Nerenální clearance představuje přibližně 65 % celkové clearance linezolidu. S rostoucími dávkami linezolidu byl pozorován malý stupeň nelinearity v clearance. Zdá se, že je to způsobeno nižší renální a nerenální clearancí při vyšších koncentracích linezolidu. Rozdíl v clearance je však malý a neprojevuje se ve zdánlivém eliminačním poločasu.

Zvláštní populace

Porucha funkce ledvin: Po jednorázových dávkách 600 mg došlo u pacientů se závažnou renální insuficiencí (tj. clearance kreatininu < 30 ml/min) k 7–8násobnému zvýšení expozice dvěma primárním metabolitům linezolidu v plazmě. Nedošlo však ke zvýšení AUC mateřské látky.

Ačkoli se hlavní metabolity linezolidu hemodialýzou do určité míry odstraňují, hladiny metabolitů v plazmě po jednorázových dávkách 600 mg byly po dialýze stále značně vyšší než hladiny pozorované u pacientů s normální funkcí ledvin nebo mírnou až středně těžkou renální insuficiencí.

U 24 pacientů se závažnou renální insuficiencí, z nichž 21 podstupovalo pravidelnou hemodialýzu, byly maximální plazmatické koncentrace dvou hlavních metabolitů po několika dnech podávání přibližně desetinásobkem koncentrací pozorovaných u pacientů s normální funkcí ledvin. Maximální plazmatické hladiny linezolidu nebyly ovlivněny.

Klinický význam těchto pozorování nebyl stanoven, protože v současnosti jsou k dispozici pouze omezené údaje o bezpečnosti (viz body 4.2 a 4.4).

Porucha funkce jater: Omezené údaje naznačují, že farmakokinetika linezolidu, PNU-142300 a PNU-142586 se u pacientů s mírnou až středně těžkou jaterní insuficiencí (tj. Child-Pugh třídy A nebo B) nemění. Farmakokinetika linezolidu u pacientů se závažnou jaterní insuficiencí (tj. Child-Pugh třídy C) nebyla hodnocena. Vzhledem k tomu, že je linezolid metabolizován neenzymatickým procesem, nepředpokládá se však, že by porucha funkce jater významně ovlivnila jeho metabolismus (viz body 4.2 a 4.4).

Pediatrická populace (< 18 let): Nejsou k dispozici dostatečné údaje o bezpečnosti a účinnosti linezolidu u dětí a dospívajících (< 18 let), a proto se použití linezolidu v této věkové skupině nedoporučuje (viz bod 4.2).

Ke stanovení bezpečných a účinných dávkovacích doporučení jsou nutné další studie. Farmakokinetické studie ukazují, že po jednorázových a opakovaných dávkách u dětí (1 týden až 12 let) byla clearance linezolidu (na základě kg tělesné hmotnosti) vyšší u pediatrických pacientů než u dospělých, ale s rostoucím věkem se snižovala.

U dětí ve věku 1 týden až 12 let vedlo podávání 10 mg/kg každých 8 hodin denně k expozici, která se blížila expozici dosažené u dospělých při dávce 600 mg dvakrát denně.

U novorozenců do 1 týdne věku se systémová clearance linezolidu (na základě kg tělesné hmotnosti) během prvního týdne života rychle zvyšuje. Proto novorozenci, kterým je podáváno 10 mg/kg každých 8 hodin denně, budou mít první den po porodu nejvyšší systémovou expozici. Při tomto dávkovacím režimu se však během prvního týdne života neočekává nadměrná akumulace, protože clearance se během tohoto období rychle zvyšuje.

U dospívajících (12 až 17 let) byla farmakokinetika linezolidu po dávce 600 mg podobná jako u dospělých. Proto dospívající, kterým je podáváno 600 mg každých 12 hodin denně, budou mít podobnou expozici jako dospělí, kterým je podávána stejná dávka.

U pediatrických pacientů s ventrikulo-peritoneálními shunty, kterým byl podáván linezolid v dávce 10 mg/kg buď každých 12 hodin, nebo každých 8 hodin, byly pozorovány proměnlivé koncentrace linezolidu v mozkomíšním moku (CSF) po jednorázovém i opakovaném podávání linezolidu. Terapeutických koncentrací v CSF nebylo dosahováno konzistentně ani nebyly trvale udržovány. Proto se použití linezolidu k empirické léčbě pediatrických pacientů s infekcemi centrálního nervového systému nedoporučuje.

Starší pacienti: Farmakokinetika linezolidu se u starších pacientů ve věku 65 let a více významně nemění.

Pacientky: Ženy mají mírně nižší distribuční objem než muži a průměrná clearance je po korekci na tělesnou hmotnost snížena přibližně o 20 %. Plazmatické koncentrace jsou vyšší u žen, což lze částečně přičíst rozdílům v tělesné hmotnosti. Protože však průměrný poločas linezolidu se mezi muži a ženami významně neliší, neočekává se, že by plazmatické koncentrace u žen podstatně stouply nad hladiny, o nichž je známo, že jsou dobře snášeny, a úprava dávkování proto není nutná.

Předklinické údaje vztahující se k bezpečnosti

Linezolid snižoval fertilitu a reprodukční výkonnost samců potkanů při expozicích přibližně rovnajících se expozicím očekávaným u lidí. U pohlavně dospělých zvířat byly tyto účinky reverzibilní. Tyto účinky však nebyly reverzibilní u mladých zvířat, kterým byl linezolid podáván téměř po celé období pohlavního dospívání.

Abnormální morfologie spermií ve varlatech dospělých samců potkanů a hypertrofie a hyperplazie epiteliálních buněk v nadvarleti byly zaznamenány. Zdá se, že linezolid ovlivňuje zrání spermatozoí potkanů. Suplementace testosteronem neměla na účinky na fertilitu zprostředkované linezolidem žádný vliv. Hypertrofie nadvarlete nebyla pozorována u psů léčených po dobu 1 měsíce, i když byly zjevné změny hmotnosti prostaty, varlat a nadvarlat.

Studie reprodukční toxicity u myší a potkanů neprokázaly žádný teratogenní účinek při úrovních expozice čtyřnásobných, resp. rovnajících se expozicím očekávaným u lidí. Tytéž koncentrace linezolidu však vyvolaly maternální toxicitu u myší a souvisely se zvýšenou embryonální smrtí včetně úplné ztráty vrhu, sníženou tělesnou hmotností plodů a zhoršením normální genetické predispozice k variacím sterna u kmene myší.

U potkanů byla zaznamenána mírná maternální toxicita při expozicích nižších, než jsou očekávané klinické expozice. Byla zaznamenána mírná fetální toxicita projevující se sníženou tělesnou hmotností plodů, sníženou osifikací sternebrů, sníženou mírou přežití mláďat a mírným zpožděním zrání. Po spáření vykazovala tatáž mláďata důkazy o reverzibilním, na dávce závislém zvýšení preimplantačních ztrát se zodpovídajícím snížením fertility.

U králíků došlo ke snížení tělesné hmotnosti plodů pouze za přítomnosti maternální toxicity (klinické příznaky, snížení přírůstku tělesné hmotnosti a příjmu potravy) při nízkých úrovních expozice 0,06násobku ve srovnání s očekávanou expozicí u lidí na základě AUC. Je známo, že tento druh je citlivý na účinky antibiotik.

Linezolid a jeho metabolity se vylučují do mléka kojících potkanů a pozorované koncentrace byly vyšší než koncentrace v mateřské plazmě.

Linezolid vyvolal reverzibilní myelosupresi u potkanů a psů.

U potkanů, kterým byl perorálně podáván linezolid po dobu 6 měsíců, byla při dávce 80 mg/kg/den pozorována neuréverzibilní minimální až mírná axonální degenerace nervus ischiadicus; minimální degenerace nervus ischiadicus byla pozorována také u 1 samce při této dávkové úrovni při 3měsíční interim nekropsii. Byla provedeno citlivé morfologické hodnocení perfuzí fixovaných tkání s cílem hledat důkazy o degeneraci optického nervu. Minimální až středně těžká degenerace optického nervu byla zjevná u 2 ze 3 samců potkanů po 6 měsících podávání, ale přímá souvislost s lékem byla nejasná kvůli akutní povaze nálezu a jeho asymetrickému rozložení.

Pozorovaná degenerace optického nervu byla mikroskopicky srovnatelná se spontánní jednostrannou degenerací optického nervu hlášenou u stárnoucích potkanů a může být exacerbací běžné základní změny.

Předklinické údaje získané na základě konvenčních studií toxicity po opakovaném podávání a genotoxicity neodhalily žádné zvláštní riziko pro člověka kromě těch, které jsou uvedeny v jiných bodech tohoto souhrnu údajů o přípravku. Studie kancerogenity nebyly vzhledem ke krátké době podávání a absenci genotoxicity v základní sérii studií provedeny.

FARMACEUTICKÉ ÚDAJE
Seznam pomocných látek

Jádro tablety: mikrokrystalická celulóza (E460), kukuřičný škrob, sodná sůl karboxymethylškrobu (typ A), hyprolóza (E463), magnesium-stearát (E470b).

Potah tablety: hypromelóza (E464), oxid titaničitý (E171), makrogol 400, karnaubský vosk (E903).

Inkompatibility

Neuplatňuje se.

Doba použitelnosti

3 roky.

Zvláštní opatření pro uchovávání

Tento léčivý přípravek nevyžaduje žádné zvláštní podmínky uchovávání.

Druh obalu a obsah balení

Blistr z bílého neprůhledného PVC/Al obsahující 10 tablet v krabičce. Každá krabička obsahuje 10, 20, 30, 50 nebo 60 tablet.

Lahvička z HDPE s polypropylenovým šroubovacím uzávěrem obsahující 10, 14, 20, 24, 30, 50, 60 nebo 100 tablet.

Nemocniční balení: 100 tablet v blistru (10 x 10 tablet).

Na trhu nemusí být všechny velikosti balení.

Zvláštní opatření pro likvidaci přípravku a pro zacházení s ním

Veškerý nepoužitý léčivý přípravek nebo odpad musí být zlikvidován v souladu s místními požadavky.

DRŽITEL ROZHODNUTÍ O REGISTRACI

Pfizer, spol. s r.o., Stroupežnického 17, 150 00 Praha 5, Česká republika

REGISTRAČNÍ ČÍSLO(A)

15/179/02-C

DATUM PRVNÍ REGISTRACE/PRODLOUŽENÍ REGISTRACE

Datum první registrace: 10. 4. 2002

Datum posledního prodloužení registrace: 26. 4. 2013

DATUM REVIZE TEXTU

28. 6. 2023
